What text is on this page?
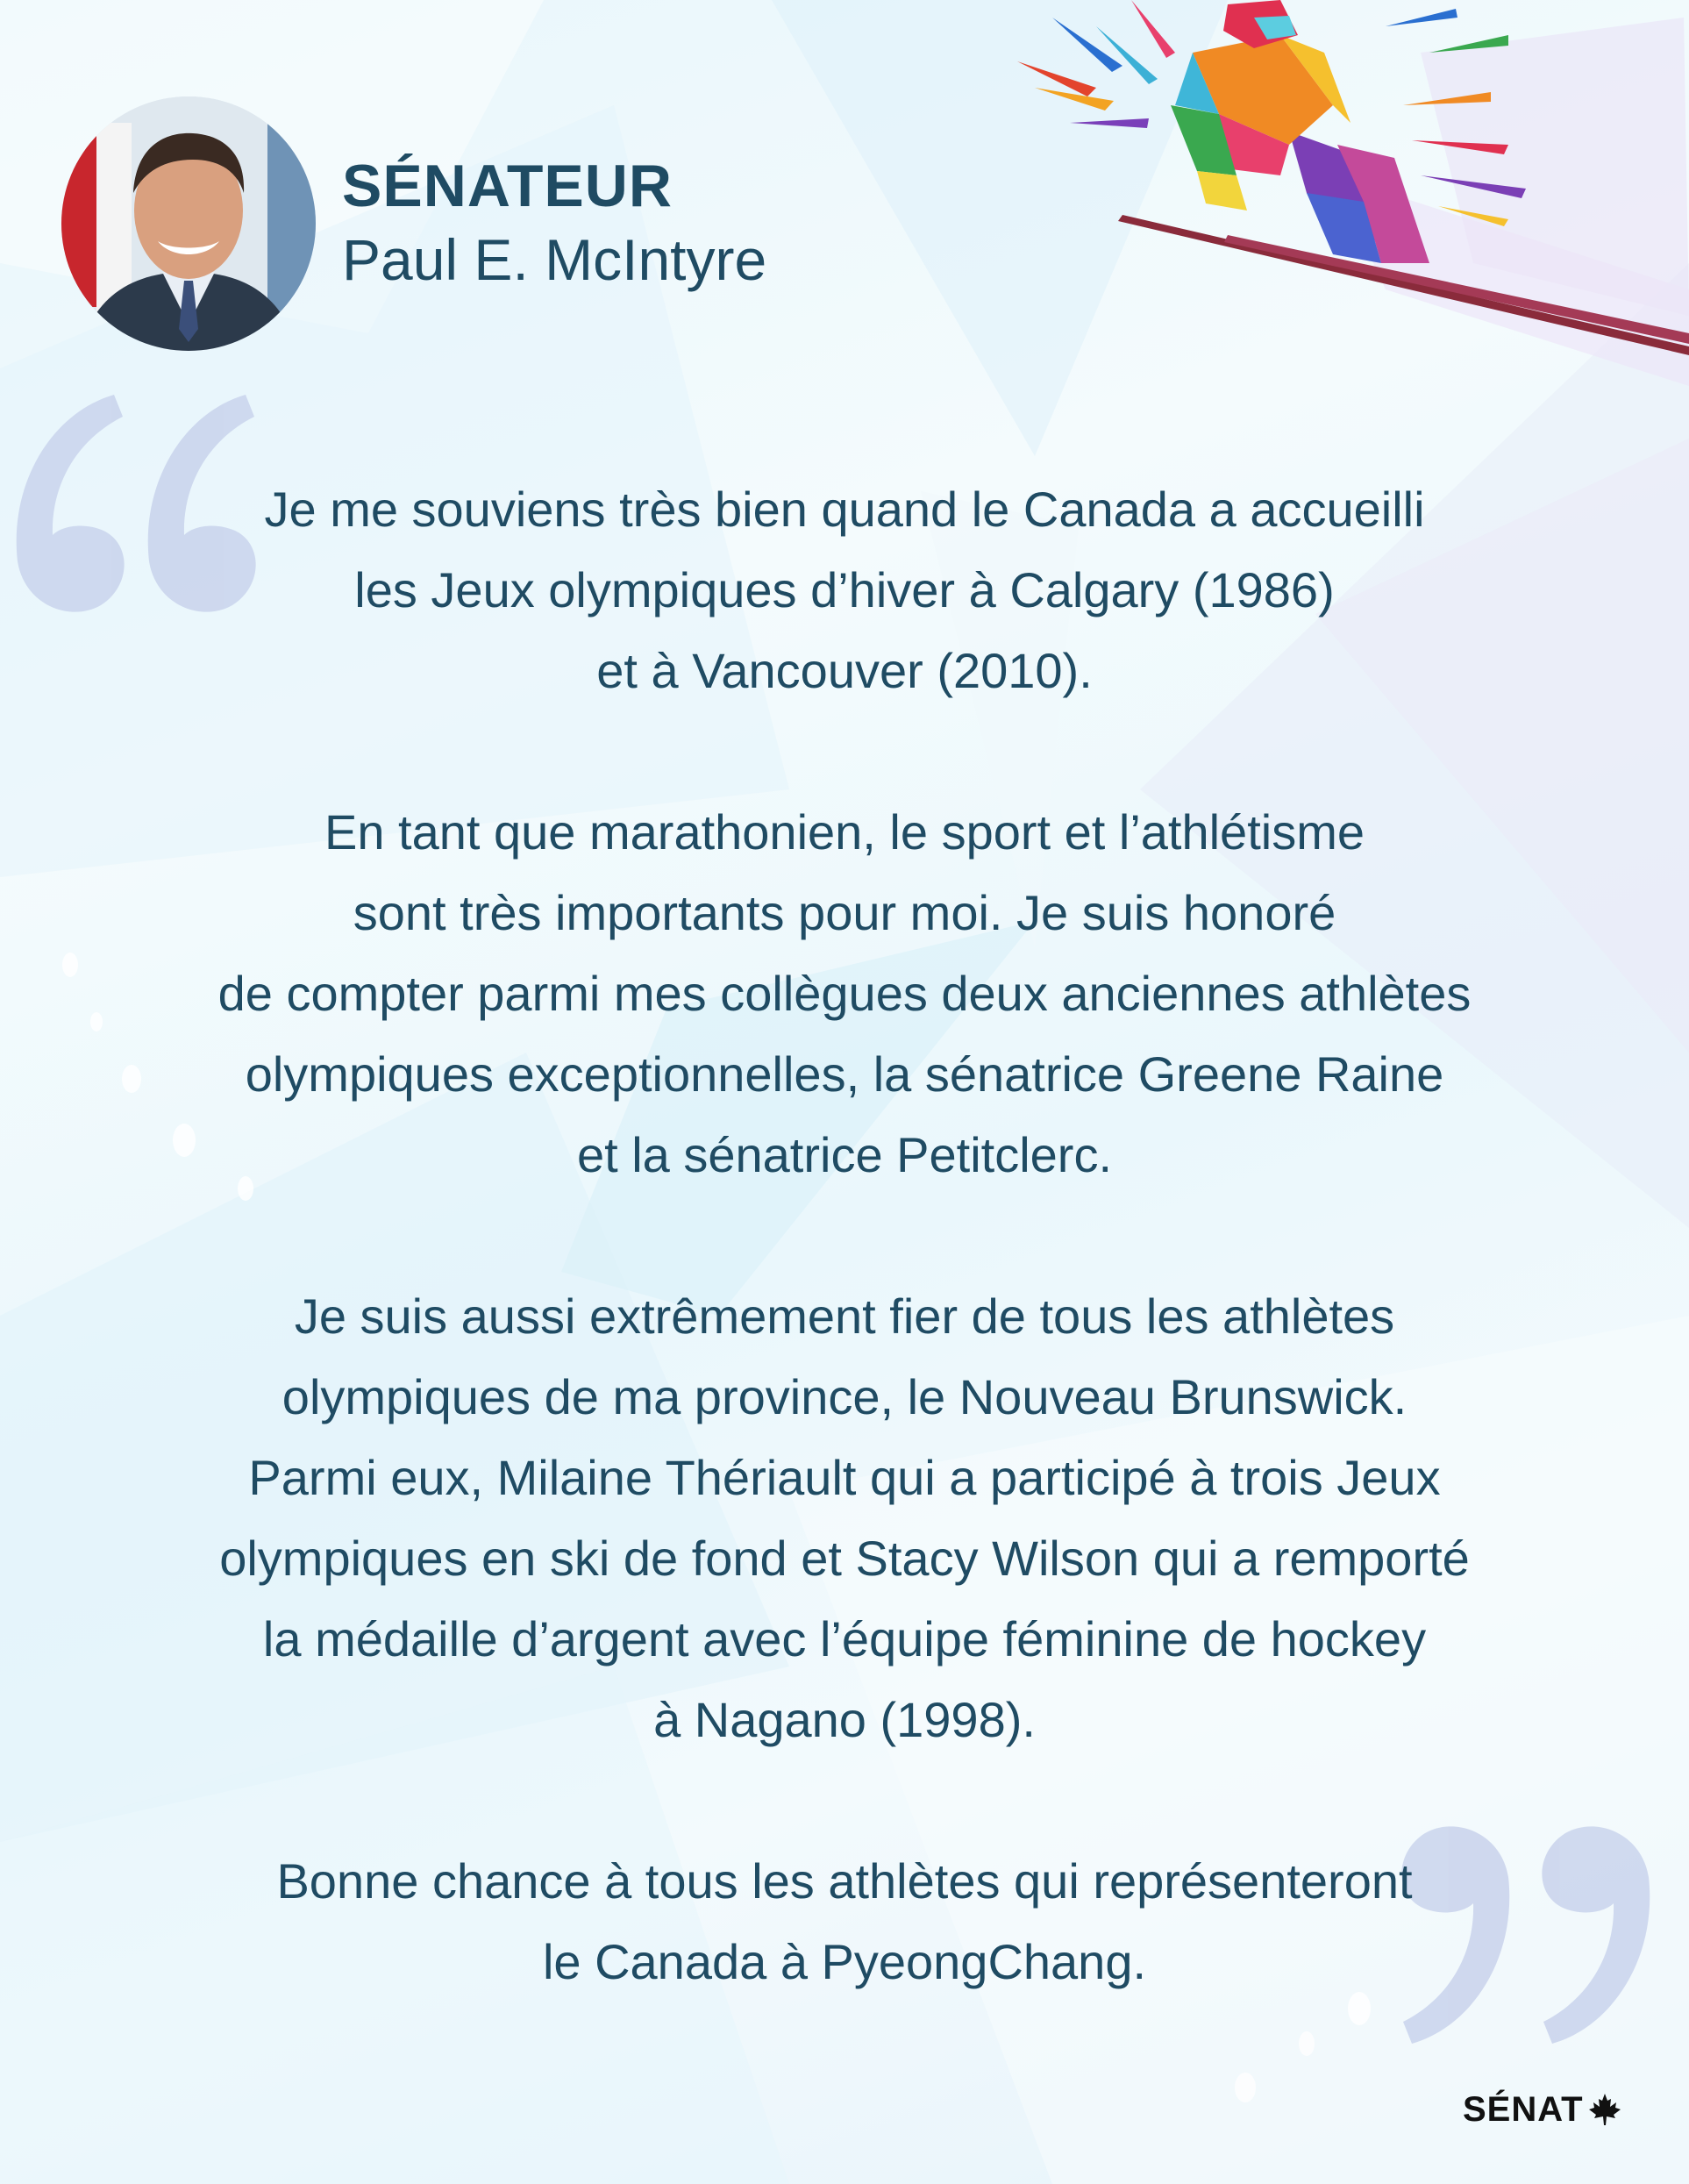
SÉNATEUR
Paul E. McIntyre

Je me souviens très bien quand le Canada a accueilli
les Jeux olympiques d’hiver à Calgary (1986)
et à Vancouver (2010).

En tant que marathonien, le sport et l’athlétisme
sont très importants pour moi. Je suis honoré
de compter parmi mes collègues deux anciennes athlètes
olympiques exceptionnelles, la sénatrice Greene Raine
et la sénatrice Petitclerc.

Je suis aussi extrêmement fier de tous les athlètes
olympiques de ma province, le Nouveau Brunswick.
Parmi eux, Milaine Thériault qui a participé à trois Jeux
olympiques en ski de fond et Stacy Wilson qui a remporté
la médaille d’argent avec l’équipe féminine de hockey
à Nagano (1998).

Bonne chance à tous les athlètes qui représenteront
le Canada à PyeongChang.

SÉNAT
